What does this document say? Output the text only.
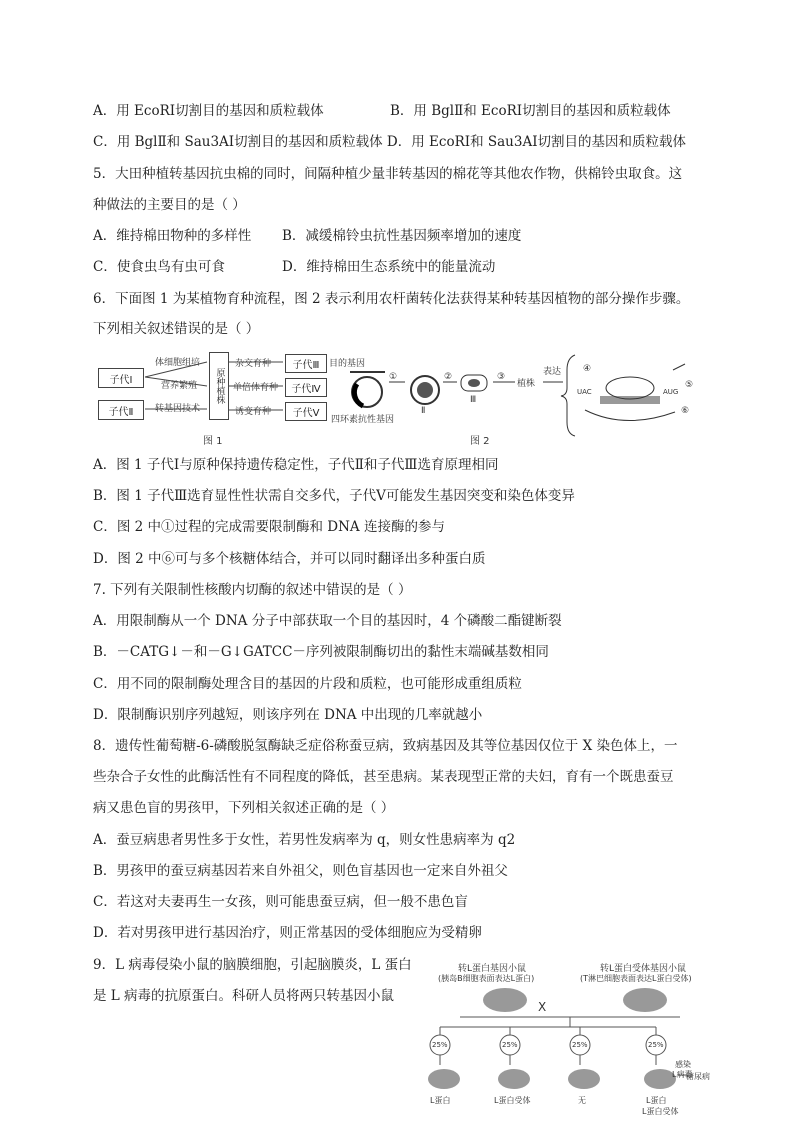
A．用 EcoRⅠ切割目的基因和质粒载体	B．用 BglⅡ和 EcoRⅠ切割目的基因和质粒载体
C．用 BglⅡ和 Sau3AⅠ切割目的基因和质粒载体 D．用 EcoRⅠ和 Sau3AⅠ切割目的基因和质粒载体
5．大田种植转基因抗虫棉的同时，间隔种植少量非转基因的棉花等其他农作物，供棉铃虫取食。这
种做法的主要目的是（ ）
A．维持棉田物种的多样性 B．减缓棉铃虫抗性基因频率增加的速度
C．使食虫鸟有虫可食	D．维持棉田生态系统中的能量流动
6．下面图 1 为某植物育种流程，图 2 表示利用农杆菌转化法获得某种转基因植物的部分操作步骤。
下列相关叙述错误的是（ ）
A．图 1 子代Ⅰ与原种保持遗传稳定性，子代Ⅱ和子代Ⅲ选育原理相同
B．图 1 子代Ⅲ选育显性性状需自交多代，子代Ⅴ可能发生基因突变和染色体变异
C．图 2 中①过程的完成需要限制酶和 DNA 连接酶的参与
D．图 2 中⑥可与多个核糖体结合，并可以同时翻译出多种蛋白质
7. 下列有关限制性核酸内切酶的叙述中错误的是（ ）
A．用限制酶从一个 DNA 分子中部获取一个目的基因时，4 个磷酸二酯键断裂
B．－CATG↓－和－G↓GATCC－序列被限制酶切出的黏性末端碱基数相同
C．用不同的限制酶处理含目的基因的片段和质粒，也可能形成重组质粒
D．限制酶识别序列越短，则该序列在 DNA 中出现的几率就越小
8．遗传性葡萄糖-6-磷酸脱氢酶缺乏症俗称蚕豆病，致病基因及其等位基因仅位于 X 染色体上，一
些杂合子女性的此酶活性有不同程度的降低，甚至患病。某表现型正常的夫妇，育有一个既患蚕豆
病又患色盲的男孩甲，下列相关叙述正确的是（ ）
A．蚕豆病患者男性多于女性，若男性发病率为 q，则女性患病率为 q2
B．男孩甲的蚕豆病基因若来自外祖父，则色盲基因也一定来自外祖父
C．若这对夫妻再生一女孩，则可能患蚕豆病，但一般不患色盲
D．若对男孩甲进行基因治疗，则正常基因的受体细胞应为受精卵
9．L 病毒侵染小鼠的脑膜细胞，引起脑膜炎，L 蛋白
是 L 病毒的抗原蛋白。科研人员将两只转基因小鼠
子代Ⅰ
子代Ⅱ
体细胞组培
营养繁殖
转基因技术
原种植株
杂交育种
单倍体育种
诱变育种
子代Ⅲ
子代Ⅳ
子代Ⅴ
图 1
目的基因
①
Ⅱ
②
Ⅲ
③
植株
表达 ④
⑤
⑥
UAC	AUG
四环素抗性基因
图 2
转L蛋白基因小鼠
(胰岛B细胞表面表达L蛋白)
转L蛋白受体基因小鼠
(T淋巴细胞表面表达L蛋白受体)
X
25%	25%	25%	25%
L蛋白	L蛋白受体	无	L蛋白
L蛋白受体
感染
L病毒
糖尿病
